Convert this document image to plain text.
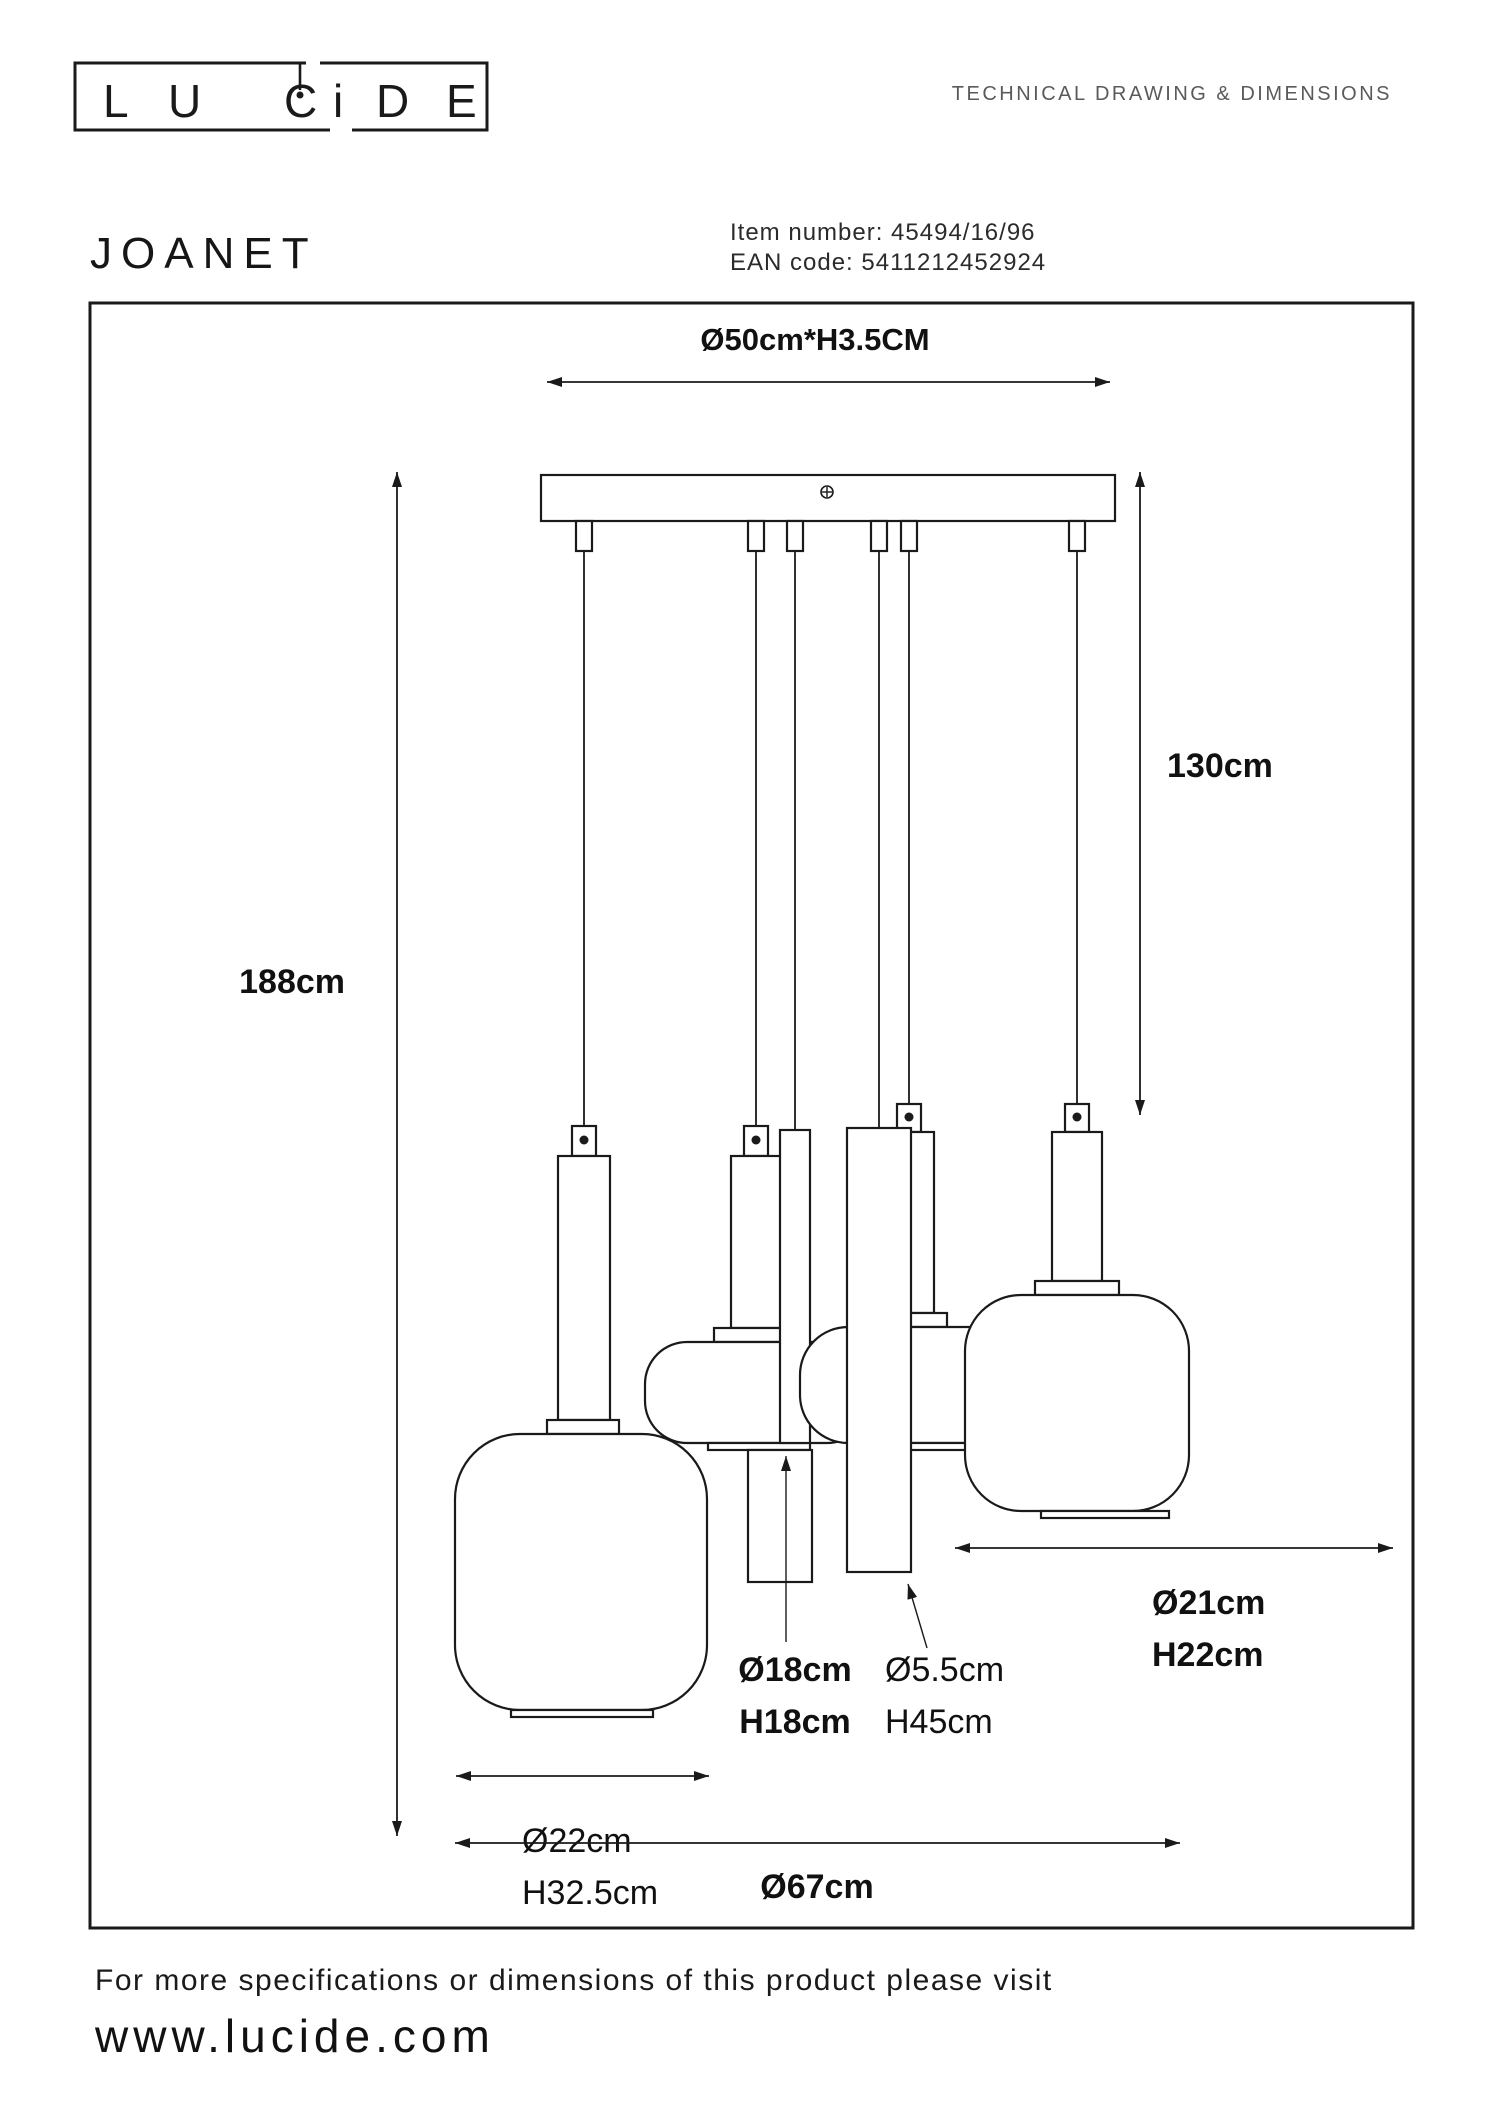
L U C i D E	TECHNICAL DRAWING & DIMENSIONS
JOANET	Item number: 45494/16/96
EAN code: 5411212452924
Ø50cm*H3.5CM
188cm
130cm
Ø21cm
H22cm
Ø18cm
H18cm
Ø5.5cm
H45cm
Ø22cm
H32.5cm	Ø67cm
For more specifications or dimensions of this product please visit
www.lucide.com
